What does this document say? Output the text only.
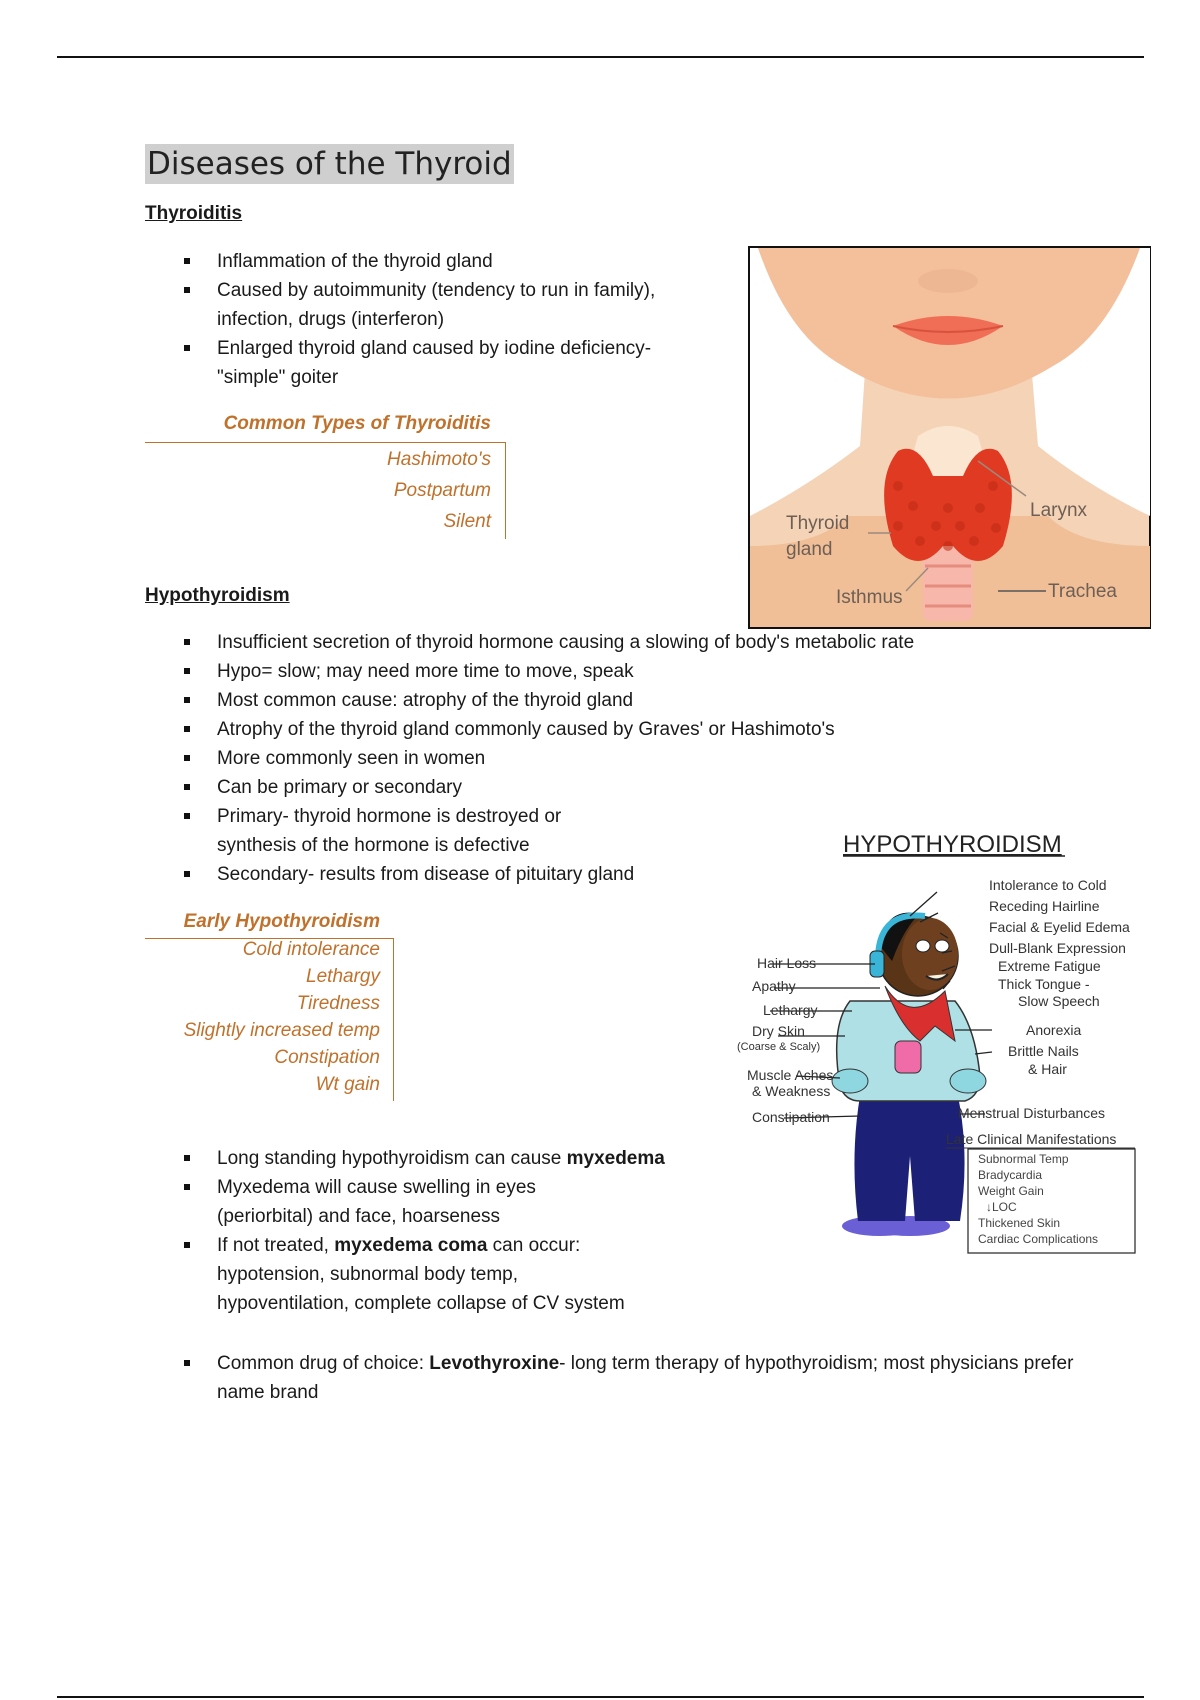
Diseases of the Thyroid
Thyroiditis
Inflammation of the thyroid gland
Caused by autoimmunity (tendency to run in family), infection, drugs (interferon)
Enlarged thyroid gland caused by iodine deficiency- "simple" goiter
Common Types of Thyroiditis
Hashimoto's
Postpartum
Silent	Thyroid
gland
Larynx
Isthmus	Trachea
Hypothyroidism
Insufficient secretion of thyroid hormone causing a slowing of body's metabolic rate
Hypo= slow; may need more time to move, speak
Most common cause: atrophy of the thyroid gland
Atrophy of the thyroid gland commonly caused by Graves' or Hashimoto's
More commonly seen in women
Can be primary or secondary
Primary- thyroid hormone is destroyed or synthesis of the hormone is defective
Secondary- results from disease of pituitary gland
Early Hypothyroidism
Cold intolerance
Lethargy
Tiredness
Slightly increased temp
Constipation
Wt gain
HYPOTHYROIDISM
Intolerance to Cold
Receding Hairline
Facial & Eyelid Edema
Dull-Blank Expression
Extreme Fatigue
Thick Tongue -
Slow Speech
Anorexia
Brittle Nails
& Hair
Menstrual Disturbances
Hair Loss
Apathy
Lethargy
Dry Skin
(Coarse & Scaly)
Muscle Aches
& Weakness
Constipation
Late Clinical Manifestations
Subnormal Temp
Bradycardia
Weight Gain
↓LOC
Thickened Skin
Cardiac Complications
Long standing hypothyroidism can cause myxedema
Myxedema will cause swelling in eyes (periorbital) and face, hoarseness
If not treated, myxedema coma can occur: hypotension, subnormal body temp, hypoventilation, complete collapse of CV system
Common drug of choice: Levothyroxine- long term therapy of hypothyroidism; most physicians prefer name brand
